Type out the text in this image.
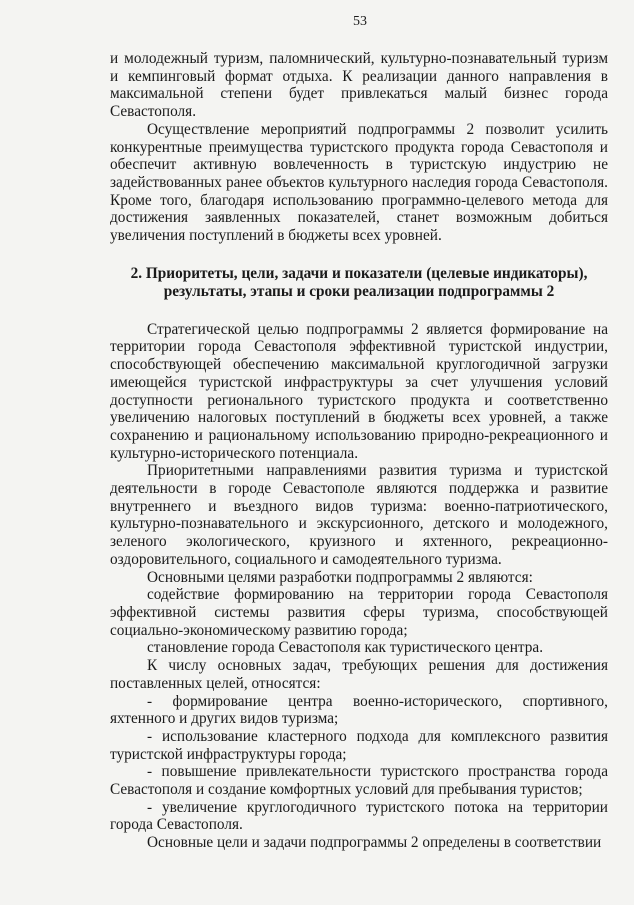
53

и молодежный туризм, паломнический, культурно-познавательный туризм и кемпинговый формат отдыха. К реализации данного направления в максимальной степени будет привлекаться малый бизнес города Севастополя.

Осуществление мероприятий подпрограммы 2 позволит усилить конкурентные преимущества туристского продукта города Севастополя и обеспечит активную вовлеченность в туристскую индустрию не задействованных ранее объектов культурного наследия города Севастополя. Кроме того, благодаря использованию программно-целевого метода для достижения заявленных показателей, станет возможным добиться увеличения поступлений в бюджеты всех уровней.

2. Приоритеты, цели, задачи и показатели (целевые индикаторы),
результаты, этапы и сроки реализации подпрограммы 2

Стратегической целью подпрограммы 2 является формирование на территории города Севастополя эффективной туристской индустрии, способствующей обеспечению максимальной круглогодичной загрузки имеющейся туристской инфраструктуры за счет улучшения условий доступности регионального туристского продукта и соответственно увеличению налоговых поступлений в бюджеты всех уровней, а также сохранению и рациональному использованию природно-рекреационного и культурно-исторического потенциала.

Приоритетными направлениями развития туризма и туристской деятельности в городе Севастополе являются поддержка и развитие внутреннего и въездного видов туризма: военно-патриотического, культурно-познавательного и экскурсионного, детского и молодежного, зеленого экологического, круизного и яхтенного, рекреационно-оздоровительного, социального и самодеятельного туризма.

Основными целями разработки подпрограммы 2 являются:

содействие формированию на территории города Севастополя эффективной системы развития сферы туризма, способствующей социально-экономическому развитию города;

становление города Севастополя как туристического центра.

К числу основных задач, требующих решения для достижения поставленных целей, относятся:

- формирование центра военно-исторического, спортивного, яхтенного и других видов туризма;

- использование кластерного подхода для комплексного развития туристской инфраструктуры города;

- повышение привлекательности туристского пространства города Севастополя и создание комфортных условий для пребывания туристов;

- увеличение круглогодичного туристского потока на территории города Севастополя.

Основные цели и задачи подпрограммы 2 определены в соответствии
